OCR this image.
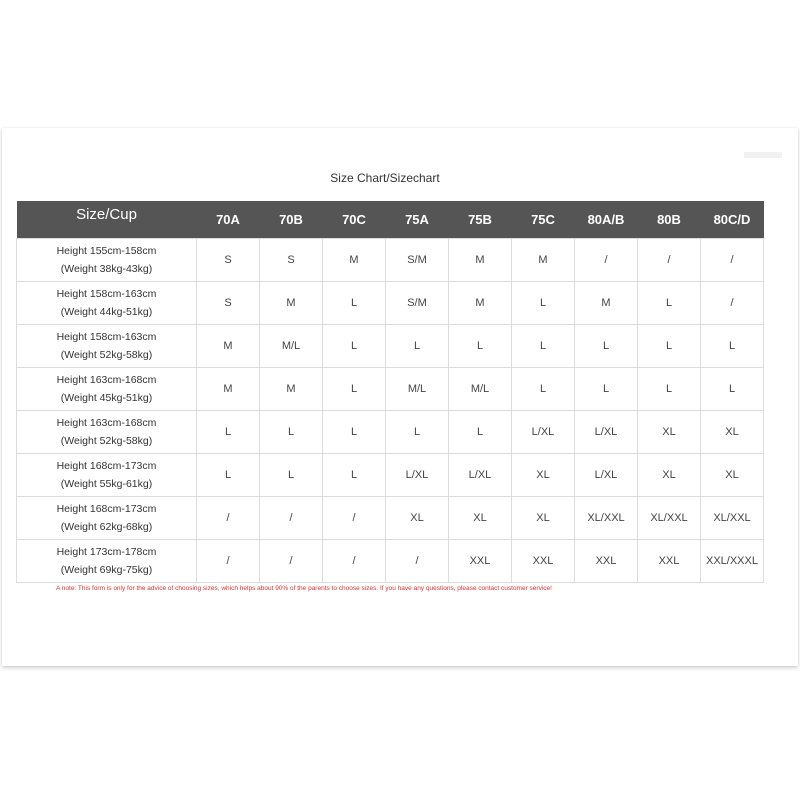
Size Chart/Sizechart
Size/Cup	70A	70B	70C	75A	75B	75C	80A/B	80B	80C/D

Height 155cm-158cm
(Weight 38kg-43kg)	S	S	M	S/M	M	M	/	/	/

Height 158cm-163cm
(Weight 44kg-51kg)	S	M	L	S/M	M	L	M	L	/

Height 158cm-163cm
(Weight 52kg-58kg)	M	M/L	L	L	L	L	L	L	L

Height 163cm-168cm
(Weight 45kg-51kg)	M	M	L	M/L	M/L	L	L	L	L

Height 163cm-168cm
(Weight 52kg-58kg)	L	L	L	L	L	L/XL	L/XL	XL	XL

Height 168cm-173cm
(Weight 55kg-61kg)	L	L	L	L/XL	L/XL	XL	L/XL	XL	XL

Height 168cm-173cm
(Weight 62kg-68kg)	/	/	/	XL	XL	XL	XL/XXL	XL/XXL	XL/XXL

Height 173cm-178cm
(Weight 69kg-75kg)	/	/	/	/	XXL	XXL	XXL	XXL	XXL/XXXL
A note: This form is only for the advice of choosing sizes, which helps about 90% of the parents to choose sizes. If you have any questions, please contact customer service!
